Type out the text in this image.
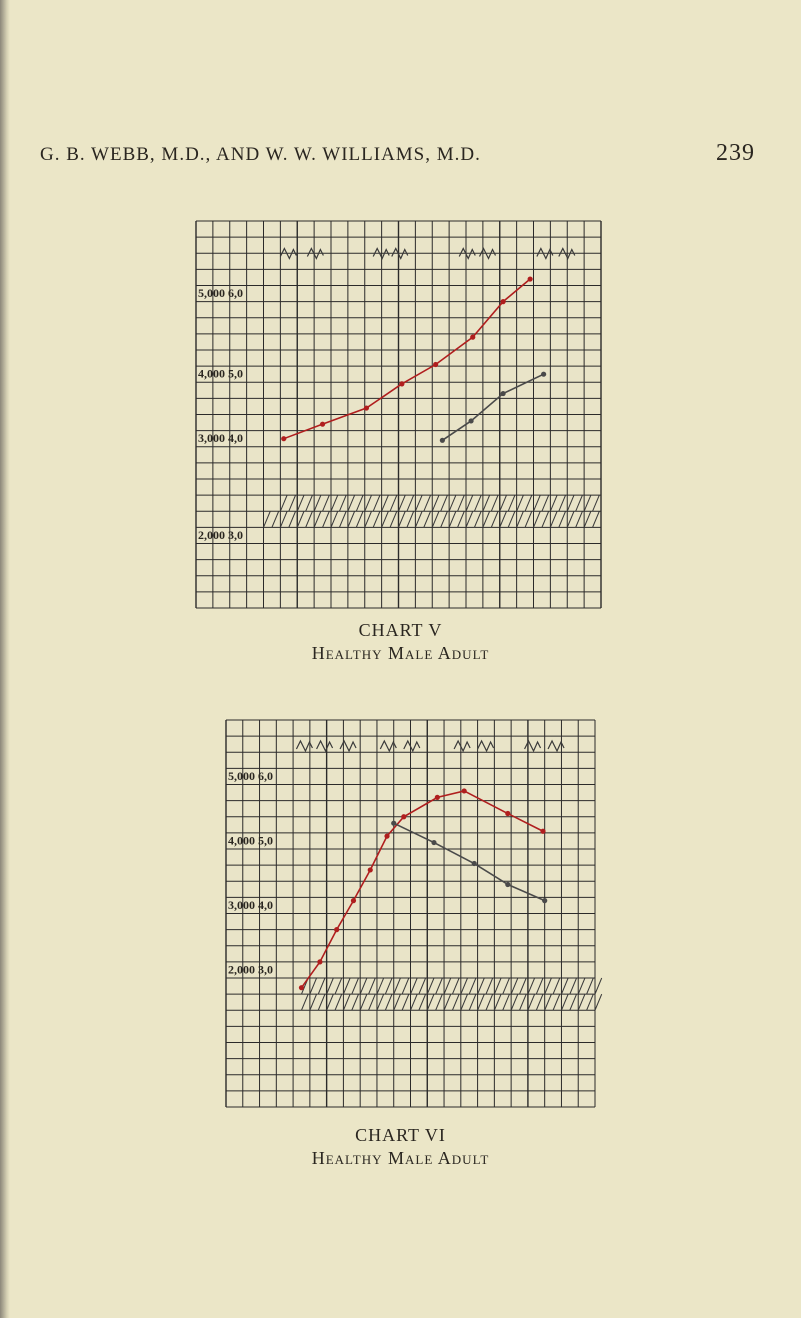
G. B. WEBB, M.D., AND W. W. WILLIAMS, M.D.	239
5,000 6,0
4,000 5,0
3,000 4,0
2,000 3,0
CHART V
Healthy Male Adult
5,000 6,0
4,000 5,0
3,000 4,0
2,000 3,0
CHART VI
Healthy Male Adult
